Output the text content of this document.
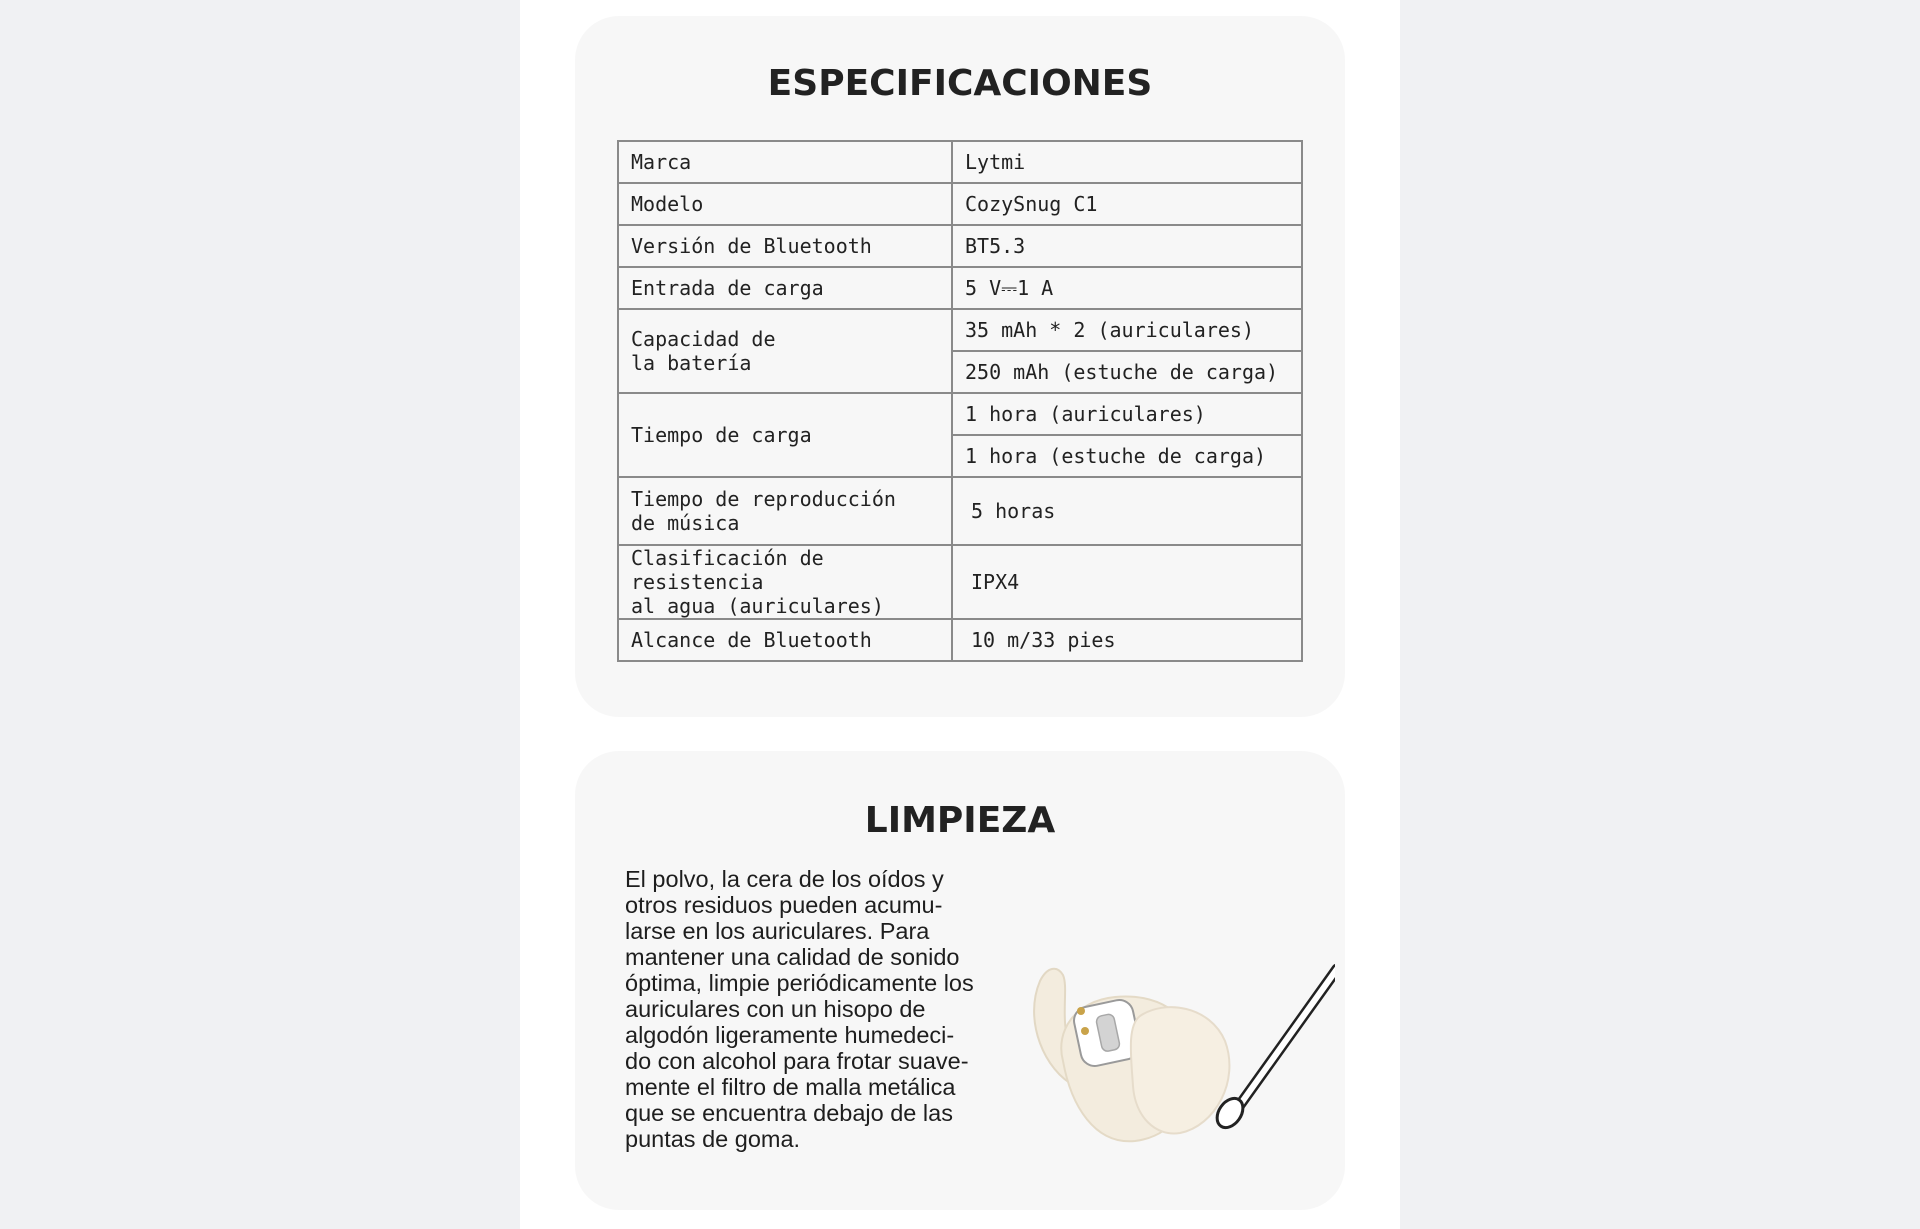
ESPECIFICACIONES
Marca	Lytmi
Modelo	CozySnug C1
Versión de Bluetooth	BT5.3
Entrada de carga	5 V⎓1 A
Capacidad de
la batería	35 mAh * 2 (auriculares)
	250 mAh (estuche de carga)
Tiempo de carga	1 hora (auriculares)
	1 hora (estuche de carga)
Tiempo de reproducción
de música	5 horas
Clasificación de resistencia
al agua (auriculares)	IPX4
Alcance de Bluetooth	10 m/33 pies
LIMPIEZA

El polvo, la cera de los oídos y
otros residuos pueden acumu-
larse en los auriculares. Para
mantener una calidad de sonido
óptima, limpie periódicamente los
auriculares con un hisopo de
algodón ligeramente humedeci-
do con alcohol para frotar suave-
mente el filtro de malla metálica
que se encuentra debajo de las
puntas de goma.
